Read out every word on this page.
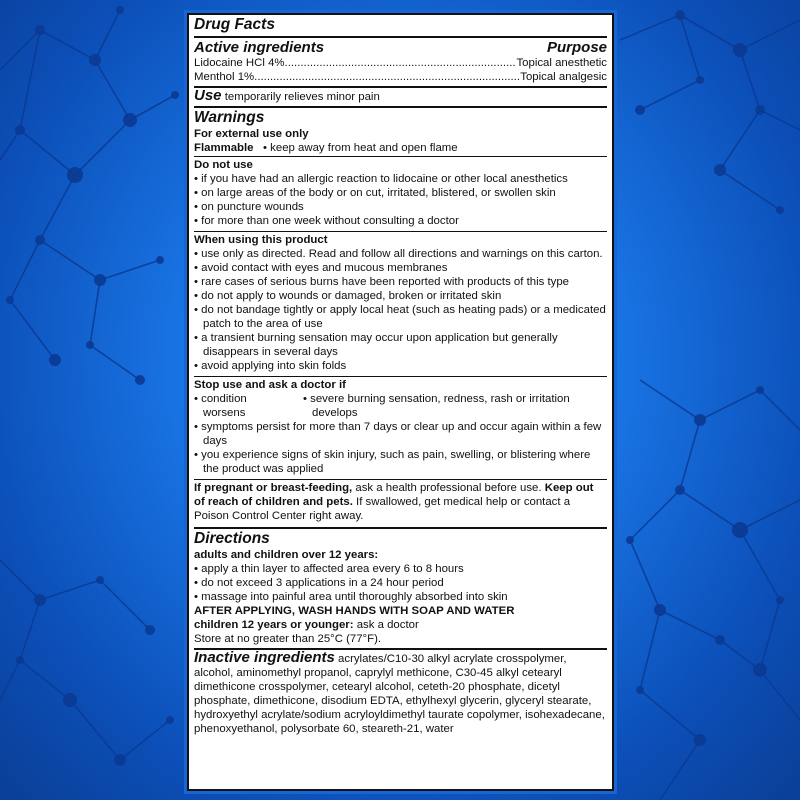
Drug Facts
Active ingredients	Purpose
Lidocaine HCl 4% .....	Topical anesthetic
Menthol 1% .....	Topical analgesic
Use temporarily relieves minor pain
Warnings
For external use only
Flammable   • keep away from heat and open flame
Do not use
• if you have had an allergic reaction to lidocaine or other local anesthetics
• on large areas of the body or on cut, irritated, blistered, or swollen skin
• on puncture wounds
• for more than one week without consulting a doctor
When using this product
• use only as directed. Read and follow all directions and warnings on this carton.
• avoid contact with eyes and mucous membranes
• rare cases of serious burns have been reported with products of this type
• do not apply to wounds or damaged, broken or irritated skin
• do not bandage tightly or apply local heat (such as heating pads) or a medicated patch to the area of use
• a transient burning sensation may occur upon application but generally disappears in several days
• avoid applying into skin folds
Stop use and ask a doctor if
• condition worsens
• severe burning sensation, redness, rash or irritation develops
• symptoms persist for more than 7 days or clear up and occur again within a few days
• you experience signs of skin injury, such as pain, swelling, or blistering where the product was applied
If pregnant or breast-feeding, ask a health professional before use. Keep out of reach of children and pets. If swallowed, get medical help or contact a Poison Control Center right away.
Directions
adults and children over 12 years:
• apply a thin layer to affected area every 6 to 8 hours
• do not exceed 3 applications in a 24 hour period
• massage into painful area until thoroughly absorbed into skin
AFTER APPLYING, WASH HANDS WITH SOAP AND WATER
children 12 years or younger: ask a doctor
Store at no greater than 25°C (77°F).
Inactive ingredients acrylates/C10-30 alkyl acrylate crosspolymer, alcohol, aminomethyl propanol, caprylyl methicone, C30-45 alkyl cetearyl dimethicone crosspolymer, cetearyl alcohol, ceteth-20 phosphate, dicetyl phosphate, dimethicone, disodium EDTA, ethylhexyl glycerin, glyceryl stearate, hydroxyethyl acrylate/sodium acryloyldimethyl taurate copolymer, isohexadecane, phenoxyethanol, polysorbate 60, steareth-21, water
